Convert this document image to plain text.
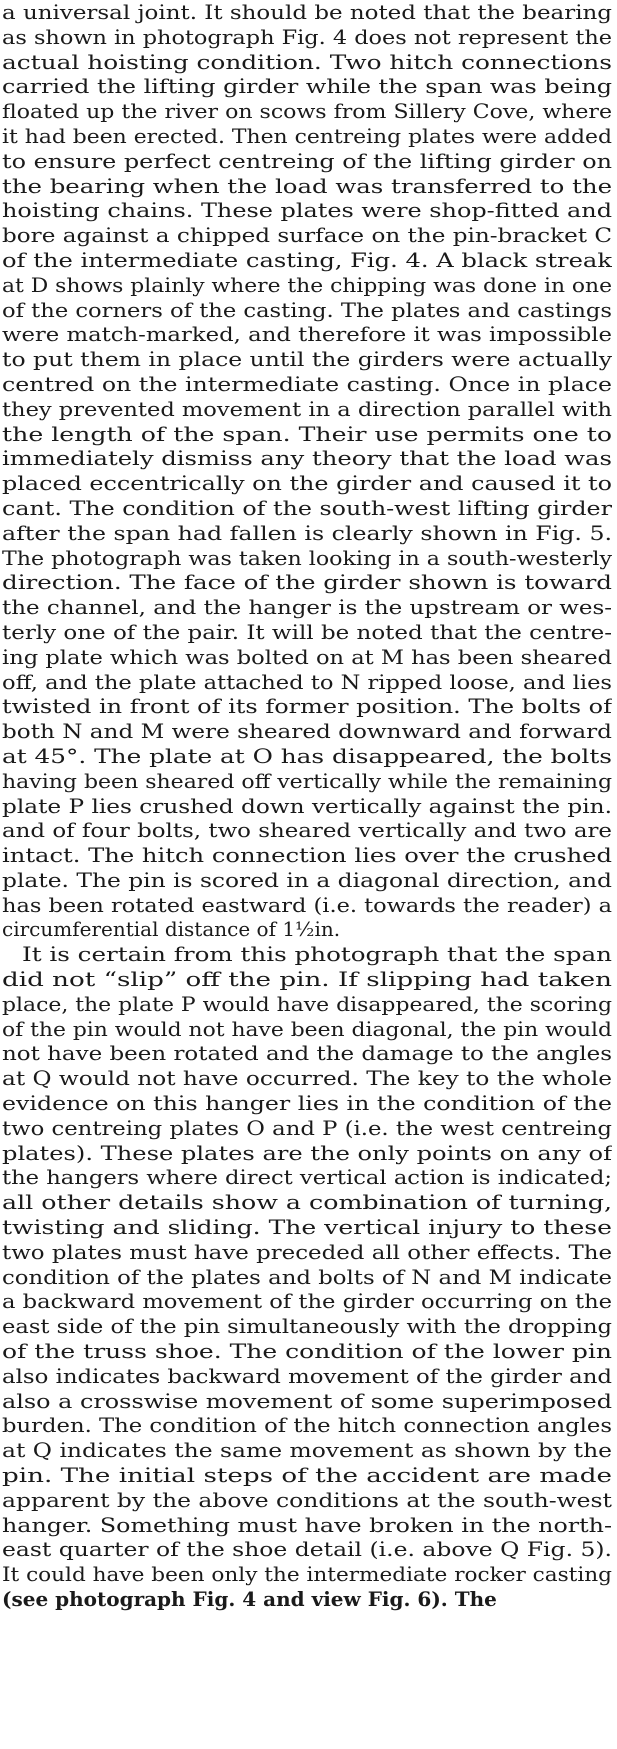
a universal joint. It should be noted that the bearing
as shown in photograph Fig. 4 does not represent the
actual hoisting condition. Two hitch connections
carried the lifting girder while the span was being
floated up the river on scows from Sillery Cove, where
it had been erected. Then centreing plates were added
to ensure perfect centreing of the lifting girder on
the bearing when the load was transferred to the
hoisting chains. These plates were shop-fitted and
bore against a chipped surface on the pin-bracket C
of the intermediate casting, Fig. 4. A black streak
at D shows plainly where the chipping was done in one
of the corners of the casting. The plates and castings
were match-marked, and therefore it was impossible
to put them in place until the girders were actually
centred on the intermediate casting. Once in place
they prevented movement in a direction parallel with
the length of the span. Their use permits one to
immediately dismiss any theory that the load was
placed eccentrically on the girder and caused it to
cant. The condition of the south-west lifting girder
after the span had fallen is clearly shown in Fig. 5.
The photograph was taken looking in a south-westerly
direction. The face of the girder shown is toward
the channel, and the hanger is the upstream or wes-
terly one of the pair. It will be noted that the centre-
ing plate which was bolted on at M has been sheared
off, and the plate attached to N ripped loose, and lies
twisted in front of its former position. The bolts of
both N and M were sheared downward and forward
at 45°. The plate at O has disappeared, the bolts
having been sheared off vertically while the remaining
plate P lies crushed down vertically against the pin.
and of four bolts, two sheared vertically and two are
intact. The hitch connection lies over the crushed
plate. The pin is scored in a diagonal direction, and
has been rotated eastward (i.e. towards the reader) a
circumferential distance of 1½in.
It is certain from this photograph that the span
did not “slip” off the pin. If slipping had taken
place, the plate P would have disappeared, the scoring
of the pin would not have been diagonal, the pin would
not have been rotated and the damage to the angles
at Q would not have occurred. The key to the whole
evidence on this hanger lies in the condition of the
two centreing plates O and P (i.e. the west centreing
plates). These plates are the only points on any of
the hangers where direct vertical action is indicated;
all other details show a combination of turning,
twisting and sliding. The vertical injury to these
two plates must have preceded all other effects. The
condition of the plates and bolts of N and M indicate
a backward movement of the girder occurring on the
east side of the pin simultaneously with the dropping
of the truss shoe. The condition of the lower pin
also indicates backward movement of the girder and
also a crosswise movement of some superimposed
burden. The condition of the hitch connection angles
at Q indicates the same movement as shown by the
pin. The initial steps of the accident are made
apparent by the above conditions at the south-west
hanger. Something must have broken in the north-
east quarter of the shoe detail (i.e. above Q Fig. 5).
It could have been only the intermediate rocker casting
(see photograph Fig. 4 and view Fig. 6). The
